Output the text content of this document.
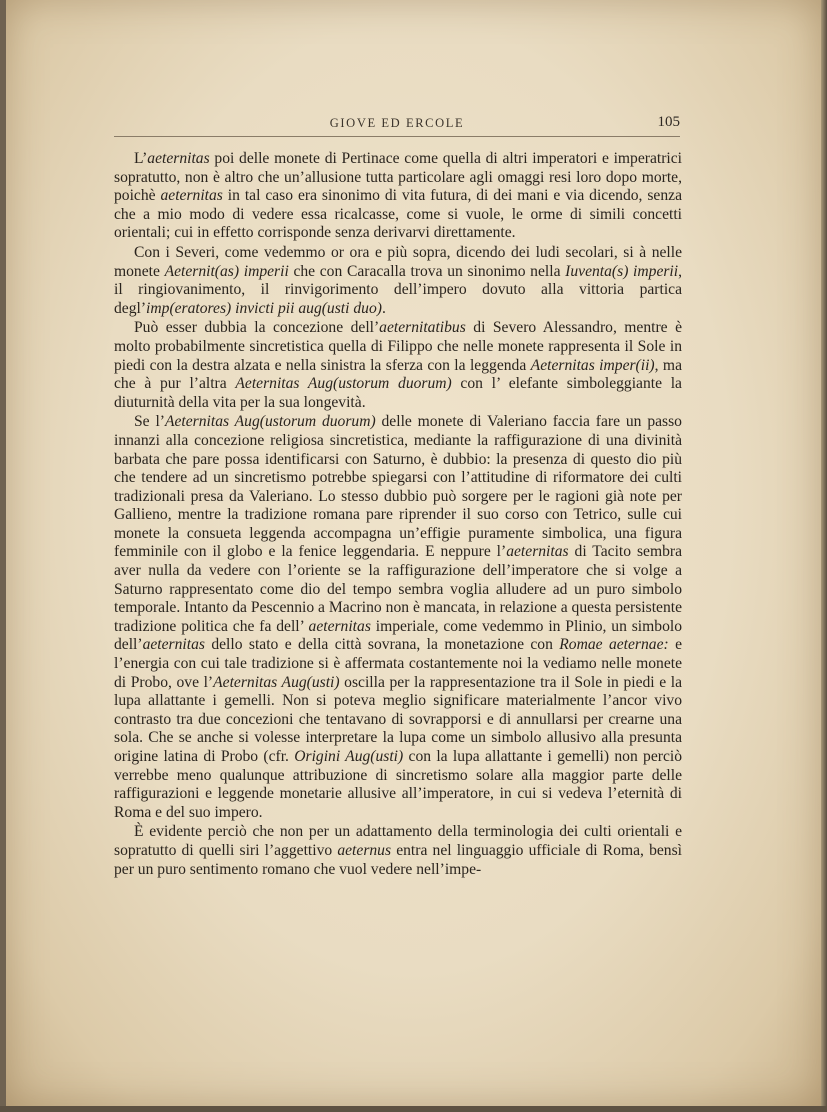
GIOVE ED ERCOLE	105

L’aeternitas poi delle monete di Pertinace come quella di altri imperatori e imperatrici sopratutto, non è altro che un’allusione tutta particolare agli omaggi resi loro dopo morte, poichè aeternitas in tal caso era sinonimo di vita futura, di dei mani e via dicendo, senza che a mio modo di vedere essa ricalcasse, come si vuole, le orme di simili concetti orientali; cui in effetto corrisponde senza derivarvi direttamente.

Con i Severi, come vedemmo or ora e più sopra, dicendo dei ludi secolari, si à nelle monete Aeternit(as) imperii che con Caracalla trova un sinonimo nella Iuventa(s) imperii, il ringiovanimento, il rinvigorimento dell’impero dovuto alla vittoria partica degl’imp(eratores) invicti pii aug(usti duo).

Può esser dubbia la concezione dell’aeternitatibus di Severo Alessandro, mentre è molto probabilmente sincretistica quella di Filippo che nelle monete rappresenta il Sole in piedi con la destra alzata e nella sinistra la sferza con la leggenda Aeternitas imper(ii), ma che à pur l’altra Aeternitas Aug(ustorum duorum) con l’ elefante simboleggiante la diuturnità della vita per la sua longevità.

Se l’Aeternitas Aug(ustorum duorum) delle monete di Valeriano faccia fare un passo innanzi alla concezione religiosa sincretistica, mediante la raffigurazione di una divinità barbata che pare possa identificarsi con Saturno, è dubbio: la presenza di questo dio più che tendere ad un sincretismo potrebbe spiegarsi con l’attitudine di riformatore dei culti tradizionali presa da Valeriano. Lo stesso dubbio può sorgere per le ragioni già note per Gallieno, mentre la tradizione romana pare riprender il suo corso con Tetrico, sulle cui monete la consueta leggenda accompagna un’effigie puramente simbolica, una figura femminile con il globo e la fenice leggendaria. E neppure l’aeternitas di Tacito sembra aver nulla da vedere con l’oriente se la raffigurazione dell’imperatore che si volge a Saturno rappresentato come dio del tempo sembra voglia alludere ad un puro simbolo temporale. Intanto da Pescennio a Macrino non è mancata, in relazione a questa persistente tradizione politica che fa dell’ aeternitas imperiale, come vedemmo in Plinio, un simbolo dell’aeternitas dello stato e della città sovrana, la monetazione con Romae aeternae: e l’energia con cui tale tradizione si è affermata costantemente noi la vediamo nelle monete di Probo, ove l’Aeternitas Aug(usti) oscilla per la rappresentazione tra il Sole in piedi e la lupa allattante i gemelli. Non si poteva meglio significare materialmente l’ancor vivo contrasto tra due concezioni che tentavano di sovrapporsi e di annullarsi per crearne una sola. Che se anche si volesse interpretare la lupa come un simbolo allusivo alla presunta origine latina di Probo (cfr. Origini Aug(usti) con la lupa allattante i gemelli) non perciò verrebbe meno qualunque attribuzione di sincretismo solare alla maggior parte delle raffigurazioni e leggende monetarie allusive all’imperatore, in cui si vedeva l’eternità di Roma e del suo impero.

È evidente perciò che non per un adattamento della terminologia dei culti orientali e sopratutto di quelli siri l’aggettivo aeternus entra nel linguaggio ufficiale di Roma, bensì per un puro sentimento romano che vuol vedere nell’impe-
